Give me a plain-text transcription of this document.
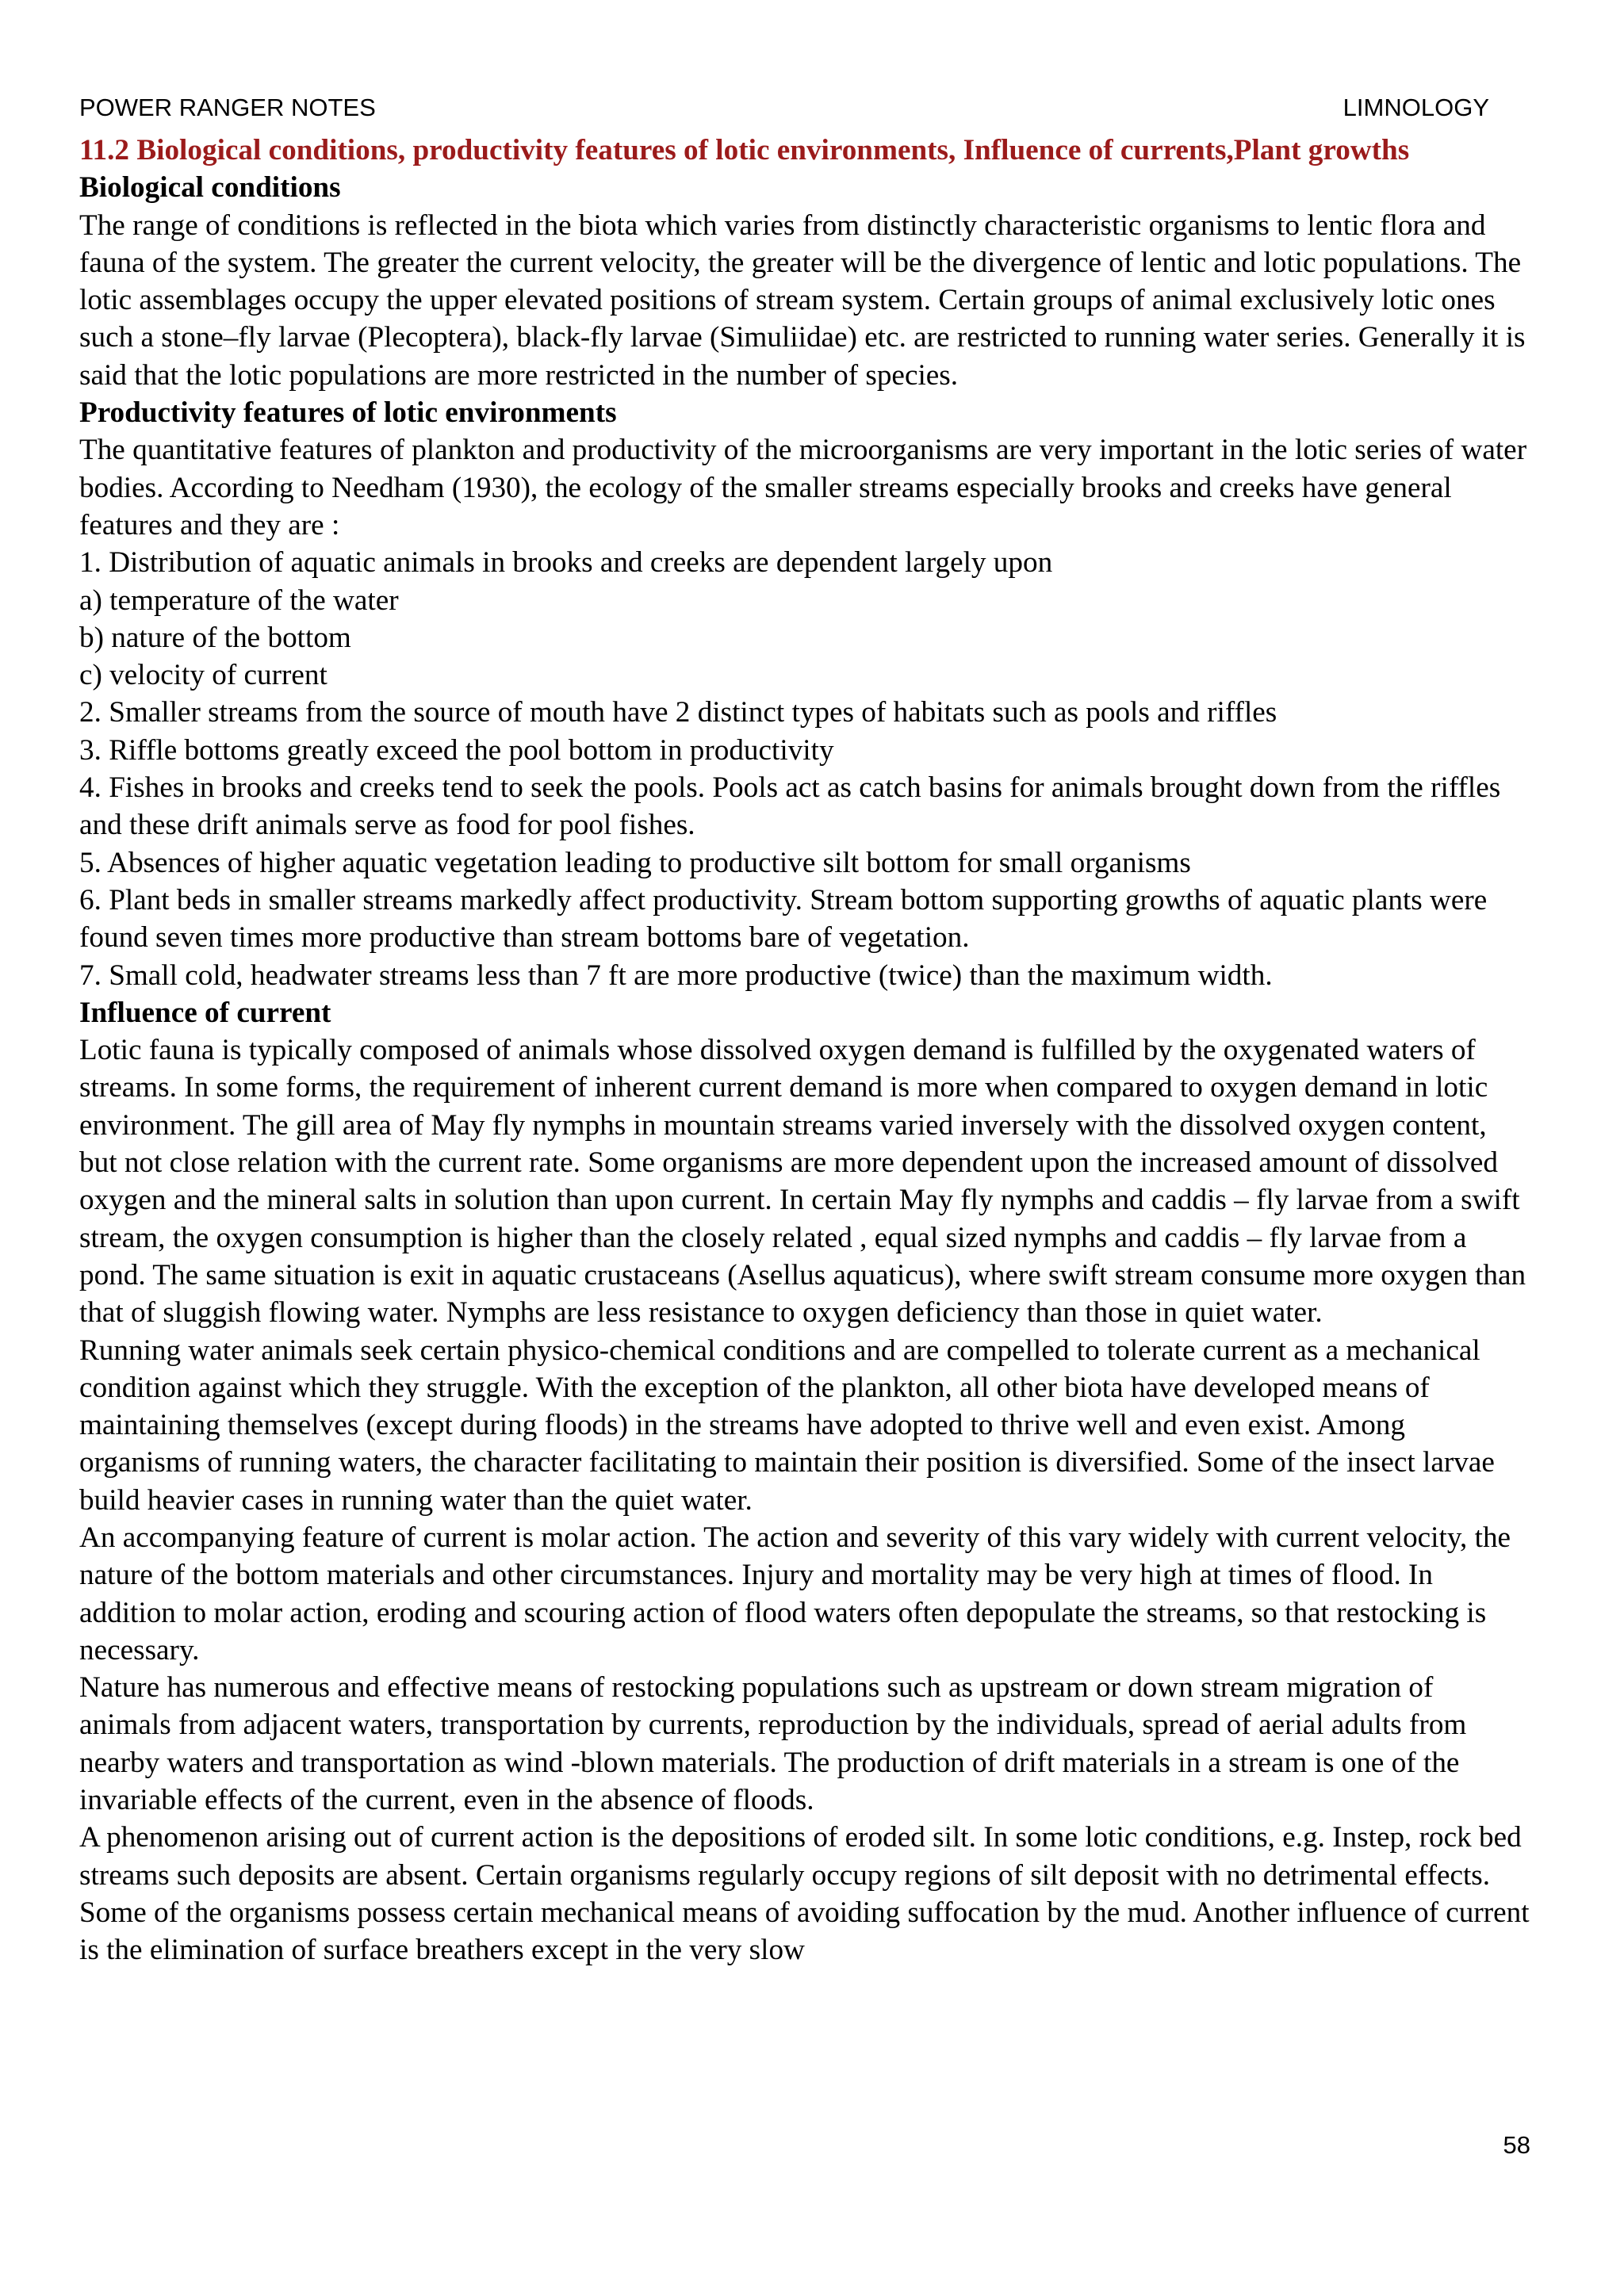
POWER RANGER NOTES	LIMNOLOGY

11.2 Biological conditions, productivity features of lotic environments, Influence of currents,Plant growths

Biological conditions

The range of conditions is reflected in the biota which varies from distinctly characteristic organisms to lentic flora and fauna of the system. The greater the current velocity, the greater will be the divergence of lentic and lotic populations. The lotic assemblages occupy the upper elevated positions of stream system. Certain groups of animal exclusively lotic ones such a stone–fly larvae (Plecoptera), black-fly larvae (Simuliidae) etc. are restricted to running water series. Generally it is said that the lotic populations are more restricted in the number of species.

Productivity features of lotic environments

The quantitative features of plankton and productivity of the microorganisms are very important in the lotic series of water bodies. According to Needham (1930), the ecology of the smaller streams especially brooks and creeks have general features and they are :

1. Distribution of aquatic animals in brooks and creeks are dependent largely upon

a) temperature of the water

b) nature of the bottom

c) velocity of current

2. Smaller streams from the source of mouth have 2 distinct types of habitats such as pools and riffles

3. Riffle bottoms greatly exceed the pool bottom in productivity

4. Fishes in brooks and creeks tend to seek the pools. Pools act as catch basins for animals brought down from the riffles and these drift animals serve as food for pool fishes.

5. Absences of higher aquatic vegetation leading to productive silt bottom for small organisms

6. Plant beds in smaller streams markedly affect productivity. Stream bottom supporting growths of aquatic plants were found seven times more productive than stream bottoms bare of vegetation.

7. Small cold, headwater streams less than 7 ft are more productive (twice) than the maximum width.

Influence of current

Lotic fauna is typically composed of animals whose dissolved oxygen demand is fulfilled by the oxygenated waters of streams. In some forms, the requirement of inherent current demand is more when compared to oxygen demand in lotic environment. The gill area of May fly nymphs in mountain streams varied inversely with the dissolved oxygen content, but not close relation with the current rate. Some organisms are more dependent upon the increased amount of dissolved oxygen and the mineral salts in solution than upon current. In certain May fly nymphs and caddis – fly larvae from a swift stream, the oxygen consumption is higher than the closely related , equal sized nymphs and caddis – fly larvae from a pond. The same situation is exit in aquatic crustaceans (Asellus aquaticus), where swift stream consume more oxygen than that of sluggish flowing water. Nymphs are less resistance to oxygen deficiency than those in quiet water.

Running water animals seek certain physico-chemical conditions and are compelled to tolerate current as a mechanical condition against which they struggle. With the exception of the plankton, all other biota have developed means of maintaining themselves (except during floods) in the streams have adopted to thrive well and even exist. Among organisms of running waters, the character facilitating to maintain their position is diversified. Some of the insect larvae build heavier cases in running water than the quiet water.

An accompanying feature of current is molar action. The action and severity of this vary widely with current velocity, the nature of the bottom materials and other circumstances. Injury and mortality may be very high at times of flood. In addition to molar action, eroding and scouring action of flood waters often depopulate the streams, so that restocking is necessary.

Nature has numerous and effective means of restocking populations such as upstream or down stream migration of animals from adjacent waters, transportation by currents, reproduction by the individuals, spread of aerial adults from nearby waters and transportation as wind -blown materials. The production of drift materials in a stream is one of the invariable effects of the current, even in the absence of floods.

A phenomenon arising out of current action is the depositions of eroded silt. In some lotic conditions, e.g. Instep, rock bed streams such deposits are absent. Certain organisms regularly occupy regions of silt deposit with no detrimental effects. Some of the organisms possess certain mechanical means of avoiding suffocation by the mud. Another influence of current is the elimination of surface breathers except in the very slow

58
